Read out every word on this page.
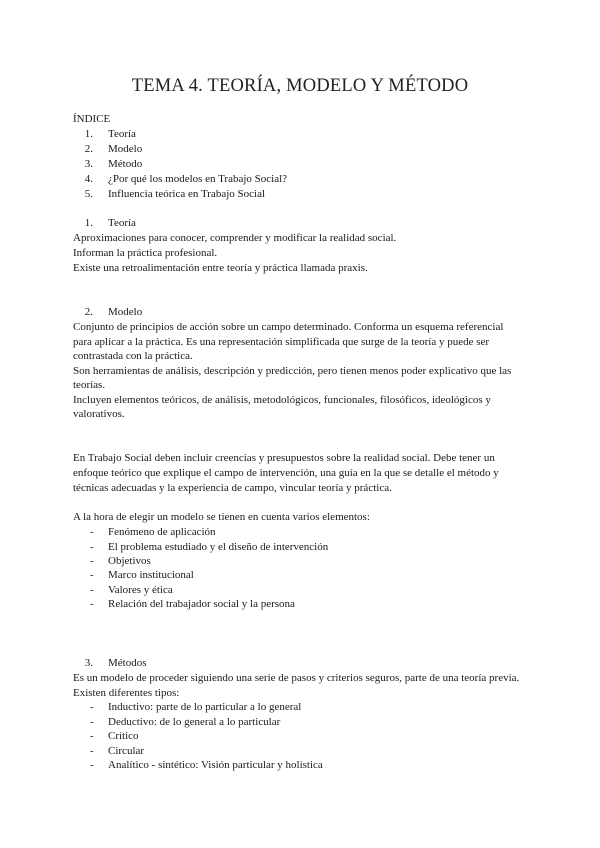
TEMA 4. TEORÍA, MODELO Y MÉTODO
ÍNDICE
1. Teoría
2. Modelo
3. Método
4. ¿Por qué los modelos en Trabajo Social?
5. Influencia teórica en Trabajo Social
1. Teoría
Aproximaciones para conocer, comprender y modificar la realidad social.
Informan la práctica profesional.
Existe una retroalimentación entre teoría y práctica llamada praxis.
2. Modelo
Conjunto de principios de acción sobre un campo determinado. Conforma un esquema referencial
para aplicar a la práctica. Es una representación simplificada que surge de la teoría y puede ser
contrastada con la práctica.
Son herramientas de análisis, descripción y predicción, pero tienen menos poder explicativo que las
teorías.
Incluyen elementos teóricos, de análisis, metodológicos, funcionales, filosóficos, ideológicos y
valorativos.
En Trabajo Social deben incluir creencias y presupuestos sobre la realidad social. Debe tener un
enfoque teórico que explique el campo de intervención, una guía en la que se detalle el método y
técnicas adecuadas y la experiencia de campo, vincular teoría y práctica.
A la hora de elegir un modelo se tienen en cuenta varios elementos:
- Fenómeno de aplicación
- El problema estudiado y el diseño de intervención
- Objetivos
- Marco institucional
- Valores y ética
- Relación del trabajador social y la persona
3. Métodos
Es un modelo de proceder siguiendo una serie de pasos y criterios seguros, parte de una teoría previa.
Existen diferentes tipos:
- Inductivo: parte de lo particular a lo general
- Deductivo: de lo general a lo particular
- Crítico
- Circular
- Analítico - sintético: Visión particular y holística
